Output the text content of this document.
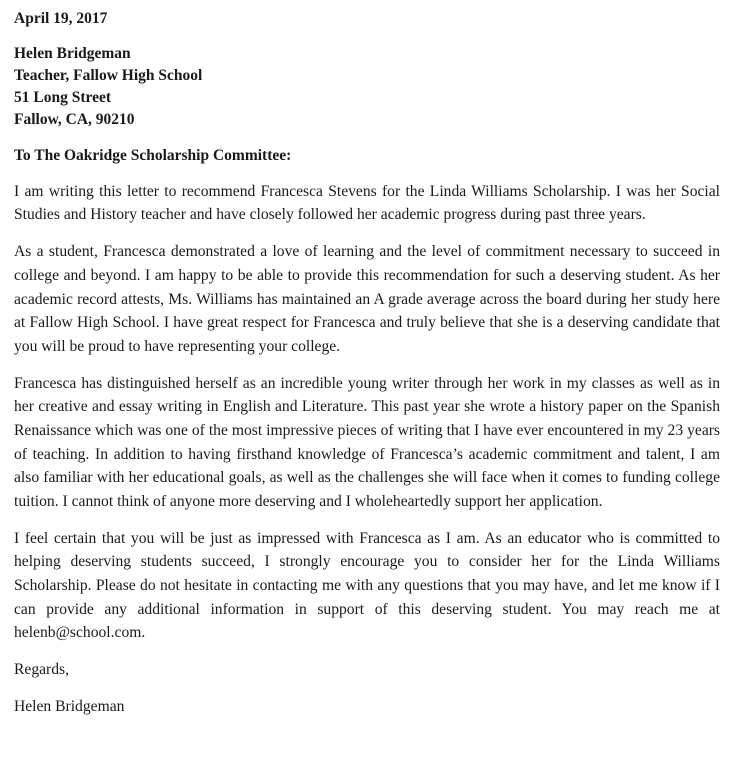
April 19, 2017
Helen Bridgeman
Teacher, Fallow High School
51 Long Street
Fallow, CA, 90210
To The Oakridge Scholarship Committee:

I am writing this letter to recommend Francesca Stevens for the Linda Williams Scholarship. I was her Social Studies and History teacher and have closely followed her academic progress during past three years.

As a student, Francesca demonstrated a love of learning and the level of commitment necessary to succeed in college and beyond. I am happy to be able to provide this recommendation for such a deserving student. As her academic record attests, Ms. Williams has maintained an A grade average across the board during her study here at Fallow High School. I have great respect for Francesca and truly believe that she is a deserving candidate that you will be proud to have representing your college.

Francesca has distinguished herself as an incredible young writer through her work in my classes as well as in her creative and essay writing in English and Literature. This past year she wrote a history paper on the Spanish Renaissance which was one of the most impressive pieces of writing that I have ever encountered in my 23 years of teaching. In addition to having firsthand knowledge of Francesca’s academic commitment and talent, I am also familiar with her educational goals, as well as the challenges she will face when it comes to funding college tuition. I cannot think of anyone more deserving and I wholeheartedly support her application.

I feel certain that you will be just as impressed with Francesca as I am. As an educator who is committed to helping deserving students succeed, I strongly encourage you to consider her for the Linda Williams Scholarship. Please do not hesitate in contacting me with any questions that you may have, and let me know if I can provide any additional information in support of this deserving student. You may reach me at helenb@school.com.

Regards,

Helen Bridgeman
